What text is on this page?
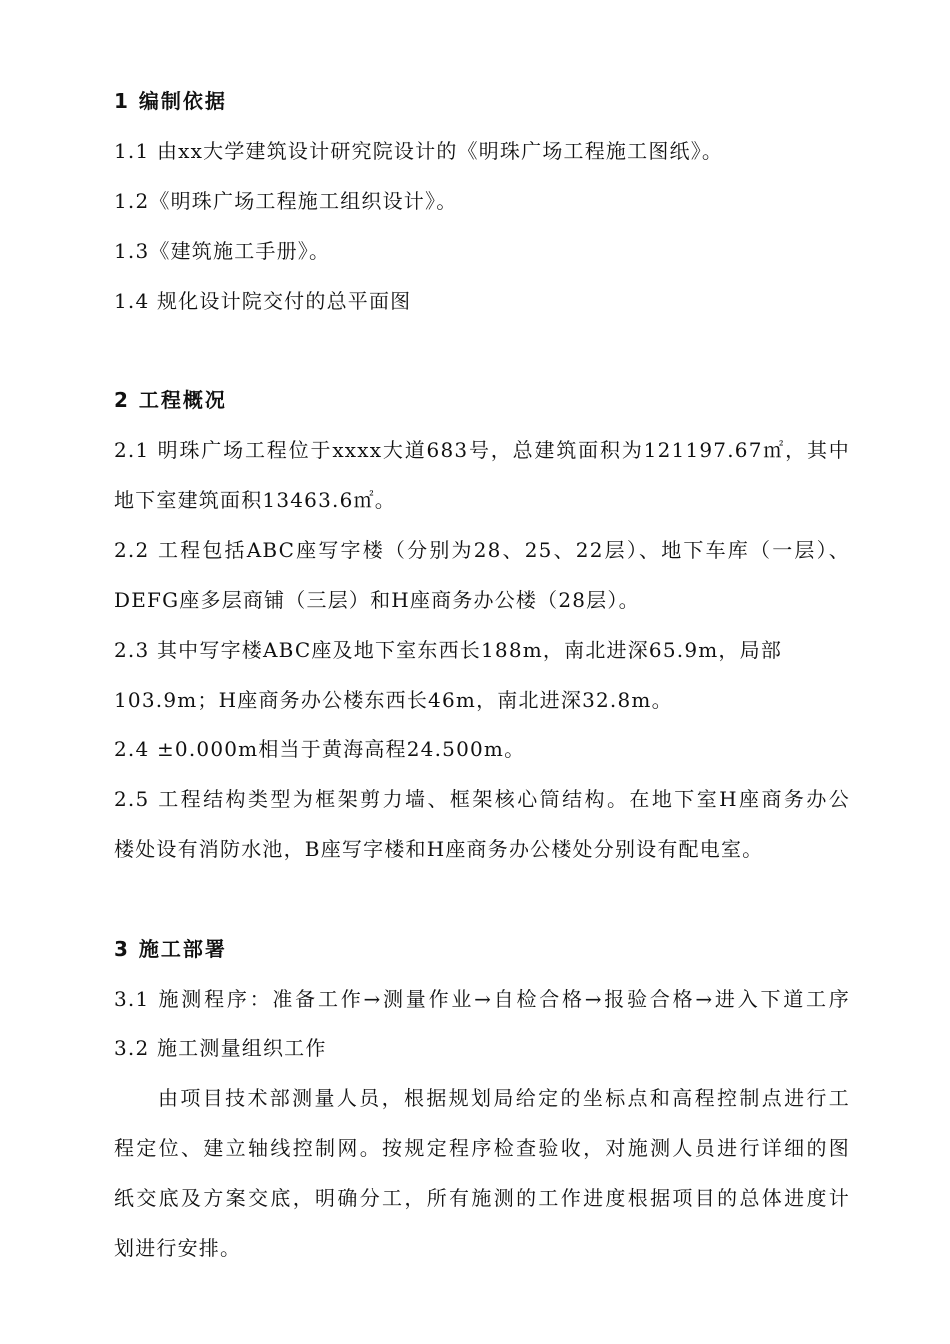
1 编制依据
1.1 由xx大学建筑设计研究院设计的《明珠广场工程施工图纸》。
1.2《明珠广场工程施工组织设计》。
1.3《建筑施工手册》。
1.4 规化设计院交付的总平面图
2 工程概况
2.1 明珠广场工程位于xxxx大道683号，总建筑面积为121197.67㎡，其中
地下室建筑面积13463.6㎡。
2.2 工程包括ABC座写字楼（分别为28、25、22层）、地下车库（一层）、
DEFG座多层商铺（三层）和H座商务办公楼（28层）。
2.3 其中写字楼ABC座及地下室东西长188m，南北进深65.9m，局部
103.9m；H座商务办公楼东西长46m，南北进深32.8m。
2.4 ±0.000m相当于黄海高程24.500m。
2.5 工程结构类型为框架剪力墙、框架核心筒结构。在地下室H座商务办公
楼处设有消防水池，B座写字楼和H座商务办公楼处分别设有配电室。
3 施工部署
3.1 施测程序：准备工作→测量作业→自检合格→报验合格→进入下道工序
3.2 施工测量组织工作
由项目技术部测量人员，根据规划局给定的坐标点和高程控制点进行工
程定位、建立轴线控制网。按规定程序检查验收，对施测人员进行详细的图
纸交底及方案交底，明确分工，所有施测的工作进度根据项目的总体进度计
划进行安排。
